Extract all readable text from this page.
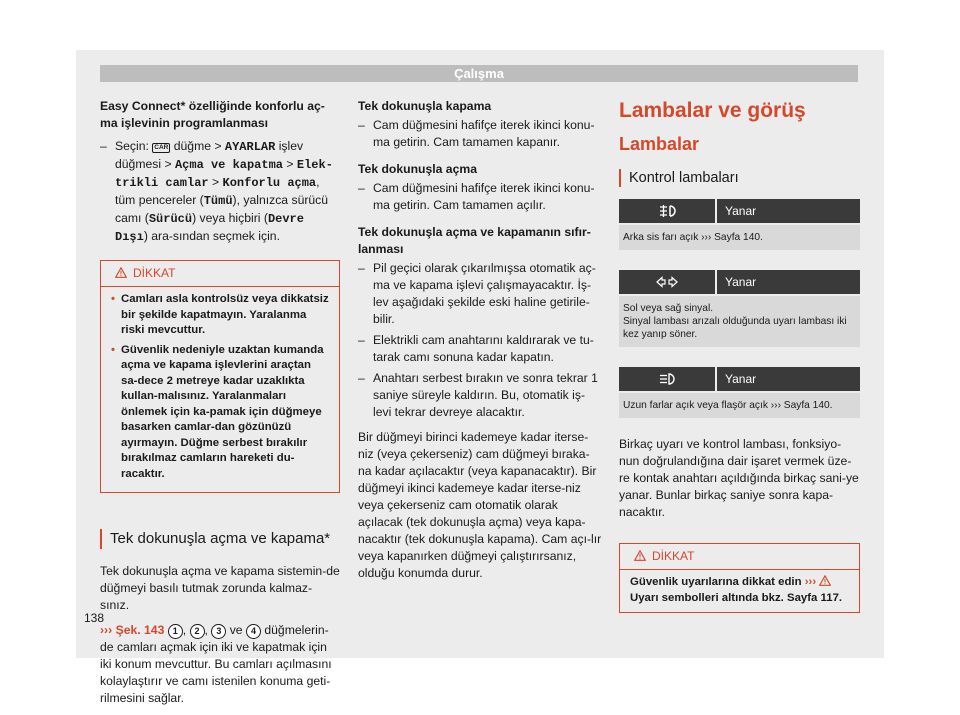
Çalışma

Easy Connect* özelliğinde konforlu aç-ma işlevinin programlanması

– Seçin: CAR düğme > AYARLAR işlev düğmesi > Açma ve kapatma > Elek-trikli camlar > Konforlu açma, tüm pencereler (Tümü), yalnızca sürücü camı (Sürücü) veya hiçbiri (Devre Dışı) ara-sından seçmek için.

DİKKAT
• Camları asla kontrolsüz veya dikkatsiz bir şekilde kapatmayın. Yaralanma riski mevcuttur.
• Güvenlik nedeniyle uzaktan kumanda açma ve kapama işlevlerini araçtan sa-dece 2 metreye kadar uzaklıkta kullan-malısınız. Yaralanmaları önlemek için ka-pamak için düğmeye basarken camlar-dan gözünüzü ayırmayın. Düğme serbest bırakılır bırakılmaz camların hareketi du-racaktır.
Tek dokunuşla açma ve kapama*

Tek dokunuşla açma ve kapama sistemin-de düğmeyi basılı tutmak zorunda kalmaz-sınız.

››› Şek. 143 1 , 2 , 3 ve 4 düğmelerin-de camları açmak için iki ve kapatmak için iki konum mevcuttur. Bu camları açılmasını kolaylaştırır ve camı istenilen konuma geti-rilmesini sağlar.

Tek dokunuşla kapama

– Cam düğmesini hafifçe iterek ikinci konu-ma getirin. Cam tamamen kapanır.

Tek dokunuşla açma

– Cam düğmesini hafifçe iterek ikinci konu-ma getirin. Cam tamamen açılır.

Tek dokunuşla açma ve kapamanın sıfır-lanması

– Pil geçici olarak çıkarılmışsa otomatik aç-ma ve kapama işlevi çalışmayacaktır. İş-lev aşağıdaki şekilde eski haline getirile-bilir.

– Elektrikli cam anahtarını kaldırarak ve tu-tarak camı sonuna kadar kapatın.

– Anahtarı serbest bırakın ve sonra tekrar 1 saniye süreyle kaldırın. Bu, otomatik iş-levi tekrar devreye alacaktır.

Bir düğmeyi birinci kademeye kadar itersе-niz (veya çekerseniz) cam düğmeyi bıraka-na kadar açılacaktır (veya kapanacaktır). Bir düğmeyi ikinci kademeye kadar itersе-niz veya çekerseniz cam otomatik olarak açılacak (tek dokunuşla açma) veya kapa-nacaktır (tek dokunuşla kapama). Cam açı-lır veya kapanırken düğmeyi çalıştırırsanız, olduğu konumda durur.

Lambalar ve görüş

Lambalar

Kontrol lambaları
Yanar
Arka sis farı açık ››› Sayfa 140.
Yanar
Sol veya sağ sinyal.
Sinyal lambası arızalı olduğunda uyarı lambası iki kez yanıp söner.
Yanar
Uzun farlar açık veya flaşör açık ››› Sayfa 140.

Birkaç uyarı ve kontrol lambası, fonksiyo-nun doğrulandığına dair işaret vermek üze-re kontak anahtarı açıldığında birkaç sani-ye yanar. Bunlar birkaç saniye sonra kapa-nacaktır.

DİKKAT
Güvenlik uyarılarına dikkat edin ›››
Uyarı sembolleri altında bkz. Sayfa 117.
138
